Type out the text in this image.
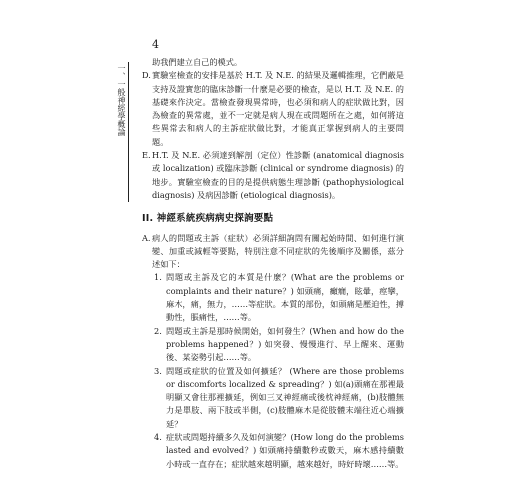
4
一、一般神經學概論

助我們建立自己的模式。

D. 實驗室檢查的安排是基於 H.T. 及 N.E. 的結果及邏輯推理，它們蔽是支持及證實您的臨床診斷一什麼是必要的檢查，是以 H.T. 及 N.E. 的基礎來作決定。當檢查發現異常時，也必須和病人的症狀做比對，因為檢查的異常處，並不一定就是病人現在或問題所在之處，如何將這些異常去和病人的主訴症狀做比對，才能真正掌握到病人的主要問題。
E. H.T. 及 N.E. 必須達到解剖（定位）性診斷 (anatomical diagnosis 或 localization) 或臨床診斷 (clinical or syndrome diagnosis) 的地步。實驗室檢查的目的是提供病態生理診斷 (pathophysiological diagnosis) 及病因診斷 (etiological diagnosis)。
II. 神經系統疾病病史探詢要點
A. 病人的問題或主訴（症狀）必須詳細詢問有關起始時間、如何進行演變、加重或減輕等要點，特別注意不同症狀的先後順序及關係，茲分述如下：
1. 問題或主訴及它的本質是什麼？(What are the problems or complaints and their nature？) 如頭痛，癲癇，眩暈，痙攣，麻木，痛，無力，……等症狀。本質的部份，如頭痛是壓迫性，搏動性，脹痛性，……等。
2. 問題或主訴是那時候開始，如何發生？(When and how do the problems happened？) 如突發、慢慢進行、早上醒來、運動後、某姿勢引起……等。
3. 問題或症狀的位置及如何擴延？ (Where are those problems or discomforts localized & spreading？) 如(a)頭痛在那裡最明顯又會往那裡擴延，例如三叉神經痛或後枕神經痛，(b)肢體無力是單肢、兩下肢或半側，(c)肢體麻木是從肢體末端往近心端擴延？
4. 症狀或問題持續多久及如何演變？(How long do the problems lasted and evolved？) 如頭痛持續數秒或數天，麻木感持續數小時或一直存在；症狀越來越明顯，越來越好，時好時壞……等。
